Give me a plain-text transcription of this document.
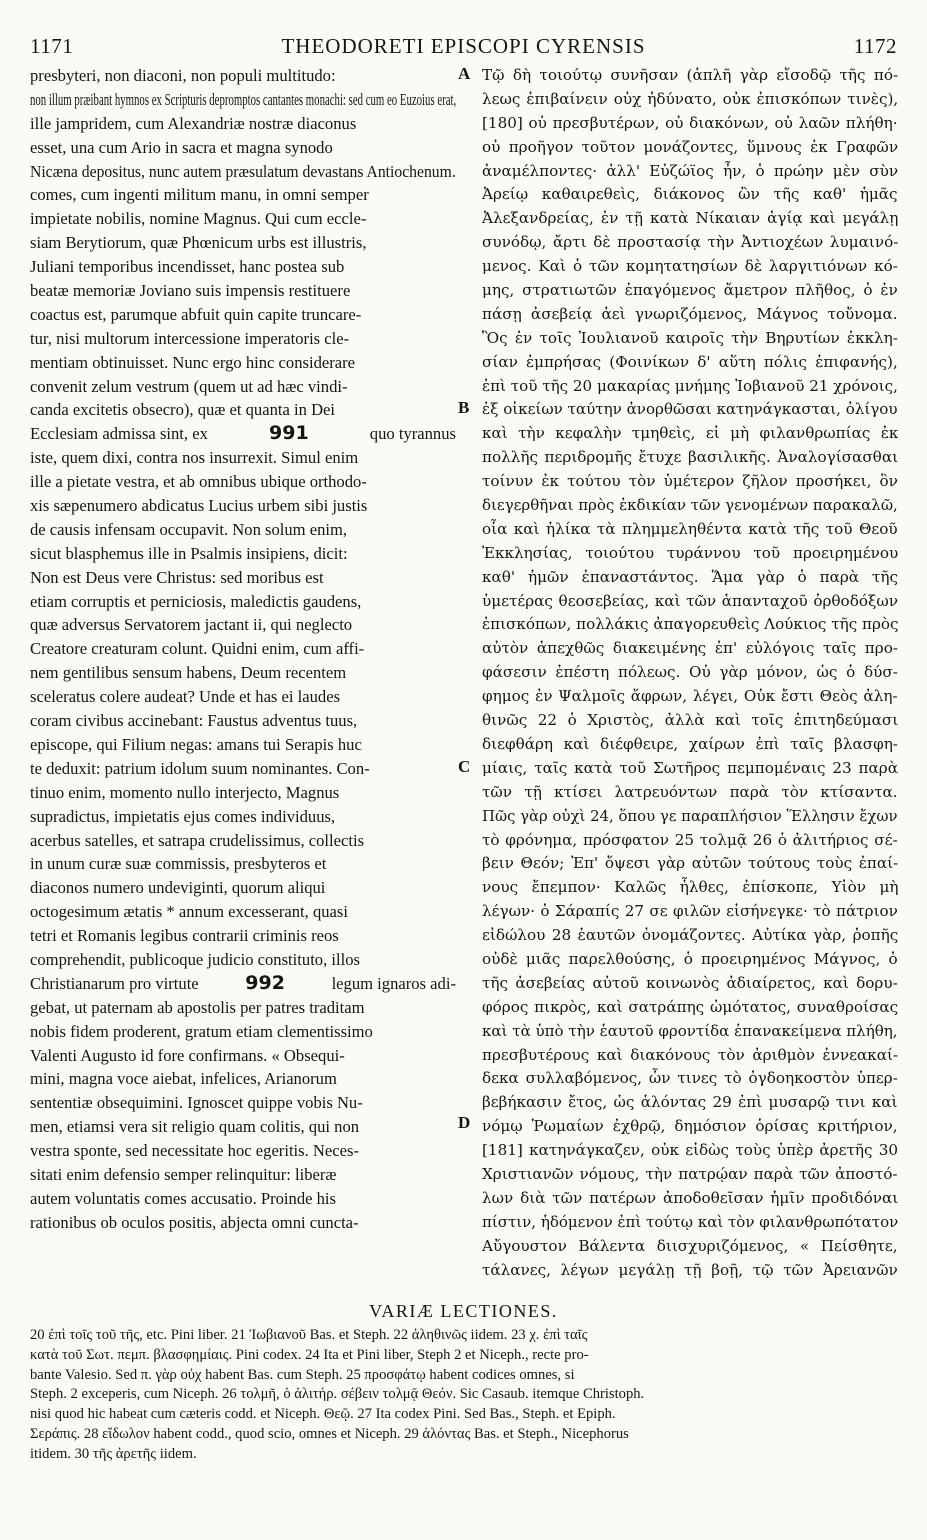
1171	THEODORETI EPISCOPI CYRENSIS	1172
presbyteri, non diaconi, non populi multitudo:
non illum præibant hymnos ex Scripturis depromptos cantantes monachi: sed cum eo Euzoius erat,
ille jampridem, cum Alexandriæ nostræ diaconus
esset, una cum Ario in sacra et magna synodo
Nicæna depositus, nunc autem præsulatum devastans Antiochenum.
comes, cum ingenti militum manu, in omni semper
impietate nobilis, nomine Magnus. Qui cum eccle-
siam Berytiorum, quæ Phœnicum urbs est illustris,
Juliani temporibus incendisset, hanc postea sub
beatæ memoriæ Joviano suis impensis restituere
coactus est, parumque abfuit quin capite truncare-
tur, nisi multorum intercessione imperatoris cle-
mentiam obtinuisset. Nunc ergo hinc considerare
convenit zelum vestrum (quem ut ad hæc vindi-
canda excitetis obsecro), quæ et quanta in Dei
Ecclesiam admissa sint, ex	991	quo tyrannus
iste, quem dixi, contra nos insurrexit. Simul enim
ille a pietate vestra, et ab omnibus ubique orthodo-
xis sæpenumero abdicatus Lucius urbem sibi justis
de causis infensam occupavit. Non solum enim,
sicut blasphemus ille in Psalmis insipiens, dicit:
Non est Deus vere Christus: sed moribus est
etiam corruptis et perniciosis, maledictis gaudens,
quæ adversus Servatorem jactant ii, qui neglecto
Creatore creaturam colunt. Quidni enim, cum affi-
nem gentilibus sensum habens, Deum recentem
sceleratus colere audeat? Unde et has ei laudes
coram civibus accinebant: Faustus adventus tuus,
episcope, qui Filium negas: amans tui Serapis huc
te deduxit: patrium idolum suum nominantes. Con-
tinuo enim, momento nullo interjecto, Magnus
supradictus, impietatis ejus comes individuus,
acerbus satelles, et satrapa crudelissimus, collectis
in unum curæ suæ commissis, presbyteros et
diaconos numero undeviginti, quorum aliqui
octogesimum ætatis * annum excesserant, quasi
tetri et Romanis legibus contrarii criminis reos
comprehendit, publicoque judicio constituto, illos
Christianarum pro virtute 992	legum ignaros adi-
gebat, ut paternam ab apostolis per patres traditam
nobis fidem proderent, gratum etiam clementissimo
Valenti Augusto id fore confirmans. « Obsequi-
mini, magna voce aiebat, infelices, Arianorum
sententiæ obsequimini. Ignoscet quippe vobis Nu-
men, etiamsi vera sit religio quam colitis, qui non
vestra sponte, sed necessitate hoc egeritis. Neces-
sitati enim defensio semper relinquitur: liberæ
autem voluntatis comes accusatio. Proinde his
rationibus ob oculos positis, abjecta omni cuncta-
Τῷ δὴ τοιούτῳ συνῆσαν (ἁπλῆ γὰρ εἴσοδῷ τῆς πό-
λεως ἐπιβαίνειν οὐχ ἠδύνατο, οὐκ ἐπισκόπων τινὲς),
[180] οὐ πρεσβυτέρων, οὐ διακόνων, οὐ λαῶν πλήθη·
οὐ προῆγον τοῦτον μονάζοντες, ὕμνους ἐκ Γραφῶν
ἀναμέλποντες· ἀλλ' Εὐζώϊος ἦν, ὁ πρώην μὲν σὺν
Ἀρείῳ καθαιρεθεὶς, διάκονος ὢν τῆς καθ' ἡμᾶς
Ἀλεξανδρείας, ἐν τῇ κατὰ Νίκαιαν ἁγίᾳ καὶ μεγάλῃ
συνόδῳ, ἄρτι δὲ προστασίᾳ τὴν Ἀντιοχέων λυμαινό-
μενος. Καὶ ὁ τῶν κομητατησίων δὲ λαργιτιόνων κό-
μης, στρατιωτῶν ἐπαγόμενος ἄμετρον πλῆθος, ὁ ἐν
πάσῃ ἀσεβείᾳ ἀεὶ γνωριζόμενος, Μάγνος τοὔνομα.
Ὃς ἐν τοῖς Ἰουλιανοῦ καιροῖς τὴν Βηρυτίων ἐκκλη-
σίαν ἐμπρήσας (Φοινίκων δ' αὕτη πόλις ἐπιφανής),
ἐπὶ τοῦ τῆς 20 μακαρίας μνήμης Ἰοβιανοῦ 21 χρόνοις,
ἐξ οἰκείων ταύτην ἀνορθῶσαι κατηνάγκασται, ὀλίγου
καὶ τὴν κεφαλὴν τμηθεὶς, εἰ μὴ φιλανθρωπίας ἐκ
πολλῆς περιδρομῆς ἔτυχε βασιλικῆς. Ἀναλογίσασθαι
τοίνυν ἐκ τούτου τὸν ὑμέτερον ζῆλον προσήκει, ὃν
διεγερθῆναι πρὸς ἐκδικίαν τῶν γενομένων παρακαλῶ,
οἷα καὶ ἡλίκα τὰ πλημμεληθέντα κατὰ τῆς τοῦ Θεοῦ
Ἐκκλησίας, τοιούτου τυράννου τοῦ προειρημένου
καθ' ἡμῶν ἐπαναστάντος. Ἅμα γὰρ ὁ παρὰ τῆς
ὑμετέρας θεοσεβείας, καὶ τῶν ἁπανταχοῦ ὀρθοδόξων
ἐπισκόπων, πολλάκις ἀπαγορευθεὶς Λούκιος τῆς πρὸς
αὐτὸν ἀπεχθῶς διακειμένης ἐπ' εὐλόγοις ταῖς προ-
φάσεσιν ἐπέστη πόλεως. Οὐ γὰρ μόνον, ὡς ὁ δύσ-
φημος ἐν Ψαλμοῖς ἄφρων, λέγει, Οὐκ ἔστι Θεὸς ἀλη-
θινῶς 22 ὁ Χριστὸς, ἀλλὰ καὶ τοῖς ἐπιτηδεύμασι
διεφθάρη καὶ διέφθειρε, χαίρων ἐπὶ ταῖς βλασφη-
μίαις, ταῖς κατὰ τοῦ Σωτῆρος πεμπομέναις 23 παρὰ
τῶν τῇ κτίσει λατρευόντων παρὰ τὸν κτίσαντα.
Πῶς γὰρ οὐχὶ 24, ὅπου γε παραπλήσιον Ἕλλησιν ἔχων
τὸ φρόνημα, πρόσφατον 25 τολμᾷ 26 ὁ ἀλιτήριος σέ-
βειν Θεόν; Ἐπ' ὄψεσι γὰρ αὐτῶν τούτους τοὺς ἐπαί-
νους ἔπεμπον· Καλῶς ἦλθες, ἐπίσκοπε, Υἱὸν μὴ
λέγων· ὁ Σάραπίς 27 σε φιλῶν εἰσήνεγκε· τὸ πάτριον
εἰδώλου 28 ἑαυτῶν ὀνομάζοντες. Αὐτίκα γὰρ, ῥοπῆς
οὐδὲ μιᾶς παρελθούσης, ὁ προειρημένος Μάγνος, ὁ
τῆς ἀσεβείας αὐτοῦ κοινωνὸς ἀδιαίρετος, καὶ δορυ-
φόρος πικρὸς, καὶ σατράπης ὠμότατος, συναθροίσας
καὶ τὰ ὑπὸ τὴν ἑαυτοῦ φροντίδα ἐπανακείμενα πλήθη,
πρεσβυτέρους καὶ διακόνους τὸν ἀριθμὸν ἐννεακαί-
δεκα συλλαβόμενος, ὧν τινες τὸ ὀγδοηκοστὸν ὑπερ-
βεβήκασιν ἔτος, ὡς ἁλόντας 29 ἐπὶ μυσαρῷ τινι καὶ
νόμῳ Ῥωμαίων ἐχθρῷ, δημόσιον ὁρίσας κριτήριον,
[181] κατηνάγκαζεν, οὐκ εἰδὼς τοὺς ὑπὲρ ἀρετῆς 30
Χριστιανῶν νόμους, τὴν πατρῴαν παρὰ τῶν ἀποστό-
λων διὰ τῶν πατέρων ἀποδοθεῖσαν ἡμῖν προδιδόναι
πίστιν, ἡδόμενον ἐπὶ τούτῳ καὶ τὸν φιλανθρωπότατον
Αὔγουστον Βάλεντα διισχυριζόμενος, « Πείσθητε,
τάλανες, λέγων μεγάλῃ τῇ βοῇ, τῷ τῶν Ἀρειανῶν
A
B
C
D
VARIÆ LECTIONES.
20 ἐπὶ τοῖς τοῦ τῆς, etc. Pini liber. 21 Ἰωβιανοῦ Bas. et Steph. 22 ἀληθινῶς iidem. 23 χ. ἐπὶ ταῖς
κατὰ τοῦ Σωτ. πεμπ. βλασφημίαις. Pini codex. 24 Ita et Pini liber, Steph 2 et Niceph., recte pro-
bante Valesio. Sed π. γὰρ οὐχ habent Bas. cum Steph. 25 προσφάτῳ habent codices omnes, si
Steph. 2 exceperis, cum Niceph. 26 τολμῆ, ὁ ἀλιτήρ. σέβειν τολμᾷ Θεόν. Sic Casaub. itemque Christoph.
nisi quod hic habeat cum cæteris codd. et Niceph. Θεῷ. 27 Ita codex Pini. Sed Bas., Steph. et Epiph.
Σεράπις. 28 εἴδωλον habent codd., quod scio, omnes et Niceph. 29 ἀλόντας Bas. et Steph., Nicephorus
itidem. 30 τῆς ἀρετῆς iidem.
